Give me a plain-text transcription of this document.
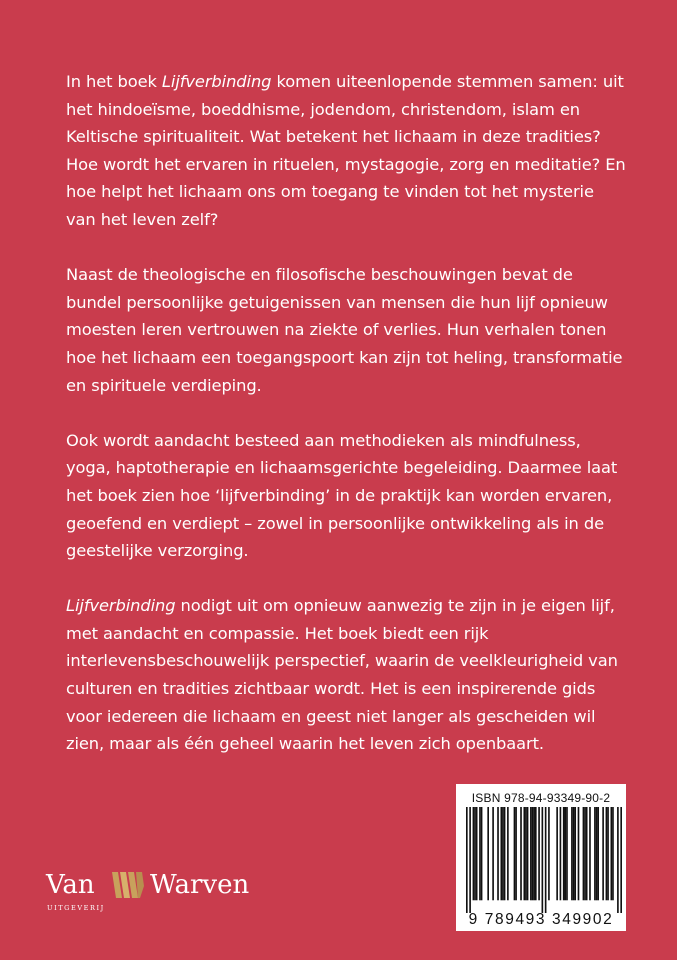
In het boek Lijfverbinding komen uiteenlopende stemmen samen: uit het hindoeïsme, boeddhisme, jodendom, christendom, islam en Keltische spiritualiteit. Wat betekent het lichaam in deze tradities? Hoe wordt het ervaren in rituelen, mystagogie, zorg en meditatie? En hoe helpt het lichaam ons om toegang te vinden tot het mysterie van het leven zelf?

Naast de theologische en filosofische beschouwingen bevat de bundel persoonlijke getuigenissen van mensen die hun lijf opnieuw moesten leren vertrouwen na ziekte of verlies. Hun verhalen tonen hoe het lichaam een toegangspoort kan zijn tot heling, transformatie en spirituele verdieping.

Ook wordt aandacht besteed aan methodieken als mindfulness, yoga, haptotherapie en lichaamsgerichte begeleiding. Daarmee laat het boek zien hoe ‘lijfverbinding’ in de praktijk kan worden ervaren, geoefend en verdiept – zowel in persoonlijke ontwikkeling als in de geestelijke verzorging.

Lijfverbinding nodigt uit om opnieuw aanwezig te zijn in je eigen lijf, met aandacht en compassie. Het boek biedt een rijk interlevensbeschouwelijk perspectief, waarin de veelkleurigheid van culturen en tradities zichtbaar wordt. Het is een inspirerende gids voor iedereen die lichaam en geest niet langer als gescheiden wil zien, maar als één geheel waarin het leven zich openbaart.

ISBN 978-94-93349-90-2
9 789493 349902
Van Warven
UITGEVERIJ
